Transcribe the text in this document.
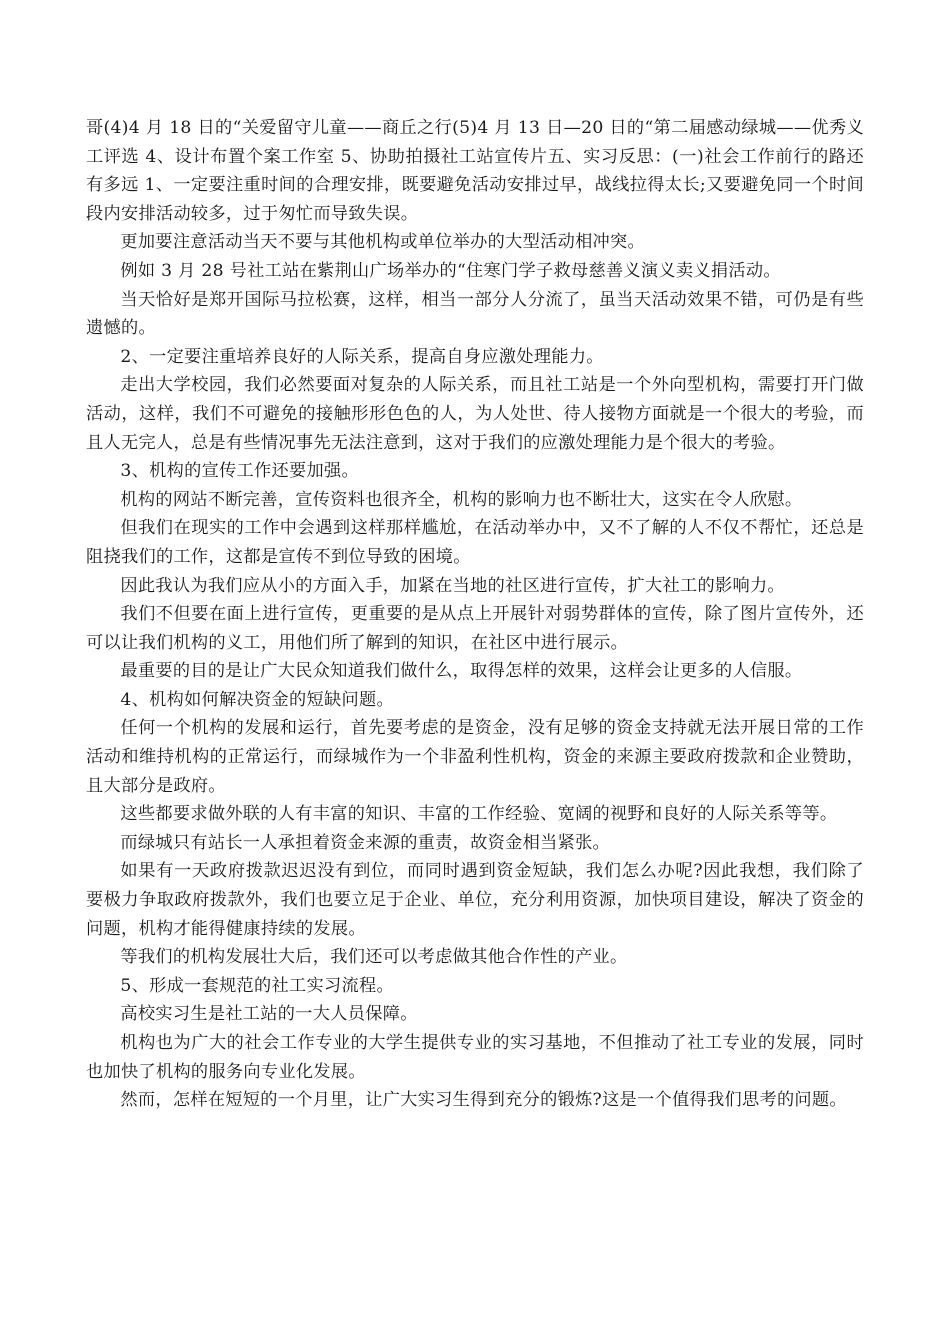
哥(4)4 月 18 日的“关爱留守儿童——商丘之行(5)4 月 13 日—20 日的“第二届感动绿城——优秀义工评选 4、设计布置个案工作室 5、协助拍摄社工站宣传片五、实习反思：(一)社会工作前行的路还有多远 1、一定要注重时间的合理安排，既要避免活动安排过早，战线拉得太长;又要避免同一个时间段内安排活动较多，过于匆忙而导致失误。

更加要注意活动当天不要与其他机构或单位举办的大型活动相冲突。

例如 3 月 28 号社工站在紫荆山广场举办的“住寒门学子救母慈善义演义卖义捐活动。

当天恰好是郑开国际马拉松赛，这样，相当一部分人分流了，虽当天活动效果不错，可仍是有些遗憾的。

2、一定要注重培养良好的人际关系，提高自身应激处理能力。

走出大学校园，我们必然要面对复杂的人际关系，而且社工站是一个外向型机构，需要打开门做活动，这样，我们不可避免的接触形形色色的人，为人处世、待人接物方面就是一个很大的考验，而且人无完人，总是有些情况事先无法注意到，这对于我们的应激处理能力是个很大的考验。

3、机构的宣传工作还要加强。

机构的网站不断完善，宣传资料也很齐全，机构的影响力也不断壮大，这实在令人欣慰。

但我们在现实的工作中会遇到这样那样尴尬，在活动举办中，又不了解的人不仅不帮忙，还总是阻挠我们的工作，这都是宣传不到位导致的困境。

因此我认为我们应从小的方面入手，加紧在当地的社区进行宣传，扩大社工的影响力。

我们不但要在面上进行宣传，更重要的是从点上开展针对弱势群体的宣传，除了图片宣传外，还可以让我们机构的义工，用他们所了解到的知识，在社区中进行展示。

最重要的目的是让广大民众知道我们做什么，取得怎样的效果，这样会让更多的人信服。

4、机构如何解决资金的短缺问题。

任何一个机构的发展和运行，首先要考虑的是资金，没有足够的资金支持就无法开展日常的工作活动和维持机构的正常运行，而绿城作为一个非盈利性机构，资金的来源主要政府拨款和企业赞助，且大部分是政府。

这些都要求做外联的人有丰富的知识、丰富的工作经验、宽阔的视野和良好的人际关系等等。

而绿城只有站长一人承担着资金来源的重责，故资金相当紧张。

如果有一天政府拨款迟迟没有到位，而同时遇到资金短缺，我们怎么办呢?因此我想，我们除了要极力争取政府拨款外，我们也要立足于企业、单位，充分利用资源，加快项目建设，解决了资金的问题，机构才能得健康持续的发展。

等我们的机构发展壮大后，我们还可以考虑做其他合作性的产业。

5、形成一套规范的社工实习流程。

高校实习生是社工站的一大人员保障。

机构也为广大的社会工作专业的大学生提供专业的实习基地，不但推动了社工专业的发展，同时也加快了机构的服务向专业化发展。

然而，怎样在短短的一个月里，让广大实习生得到充分的锻炼?这是一个值得我们思考的问题。
